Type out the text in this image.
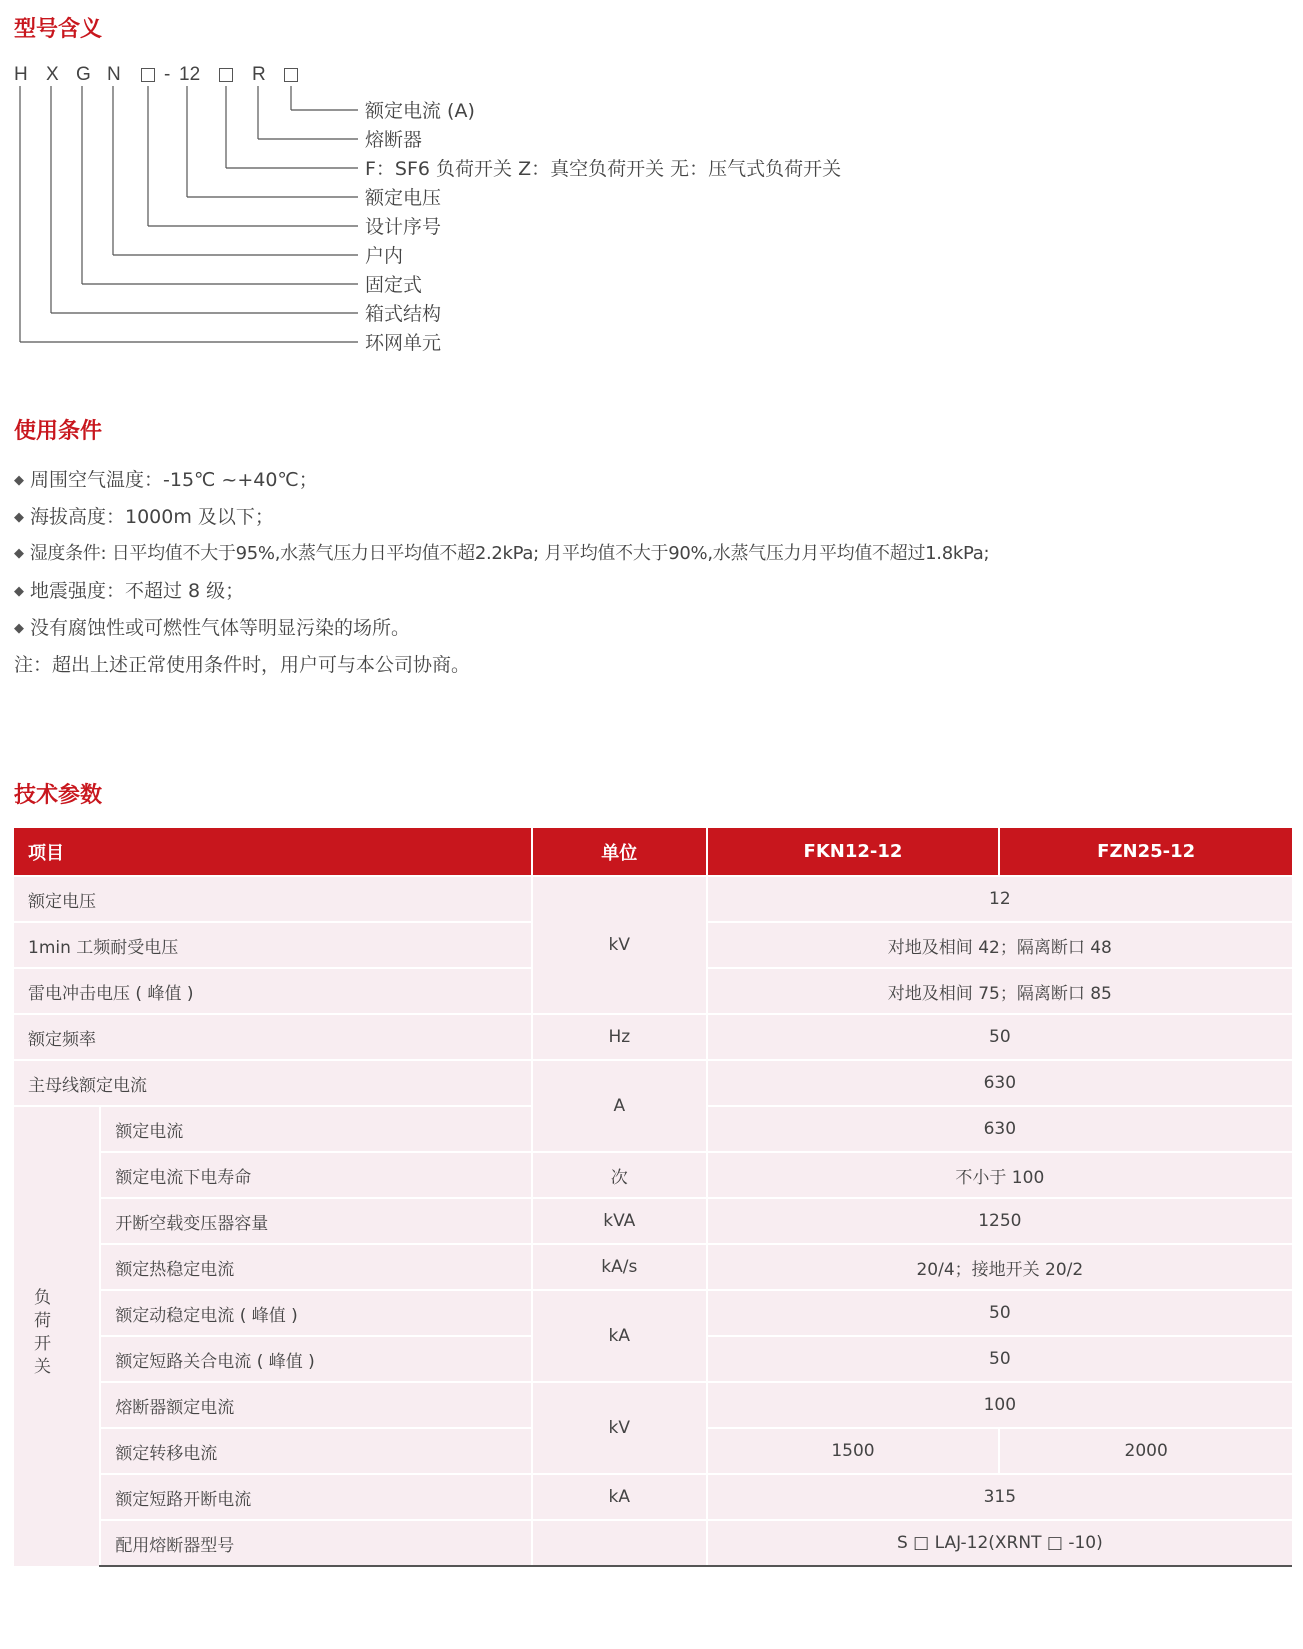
型号含义
H X G N - 12	R
额定电流 (A)
熔断器
F：SF6 负荷开关 Z：真空负荷开关 无：压气式负荷开关
额定电压
设计序号
户内
固定式
箱式结构
环网单元
使用条件
◆ 周围空气温度：-15℃ ~+40℃；
◆ 海拔高度：1000m 及以下；
◆ 湿度条件: 日平均值不大于95%,水蒸气压力日平均值不超2.2kPa; 月平均值不大于90%,水蒸气压力月平均值不超过1.8kPa;
◆ 地震强度：不超过 8 级；
◆ 没有腐蚀性或可燃性气体等明显污染的场所。
注：超出上述正常使用条件时，用户可与本公司协商。
技术参数
项目		单位	FKN12-12	FZN25-12
额定电压		kV	12	
1min 工频耐受电压			对地及相间 42；隔离断口 48	
雷电冲击电压 ( 峰值 )			对地及相间 75；隔离断口 85	
额定频率		Hz	50	
主母线额定电流		A	630	
负荷开关	额定电流		630	
	额定电流下电寿命	次	不小于 100	
	开断空载变压器容量	kVA	1250	
	额定热稳定电流	kA/s	20/4；接地开关 20/2	
	额定动稳定电流 ( 峰值 )	kA	50	
	额定短路关合电流 ( 峰值 )		50	
	熔断器额定电流	kV	100	
	额定转移电流		1500	2000
	额定短路开断电流	kA	315	
	配用熔断器型号		S □ LAJ-12(XRNT □ -10)	
